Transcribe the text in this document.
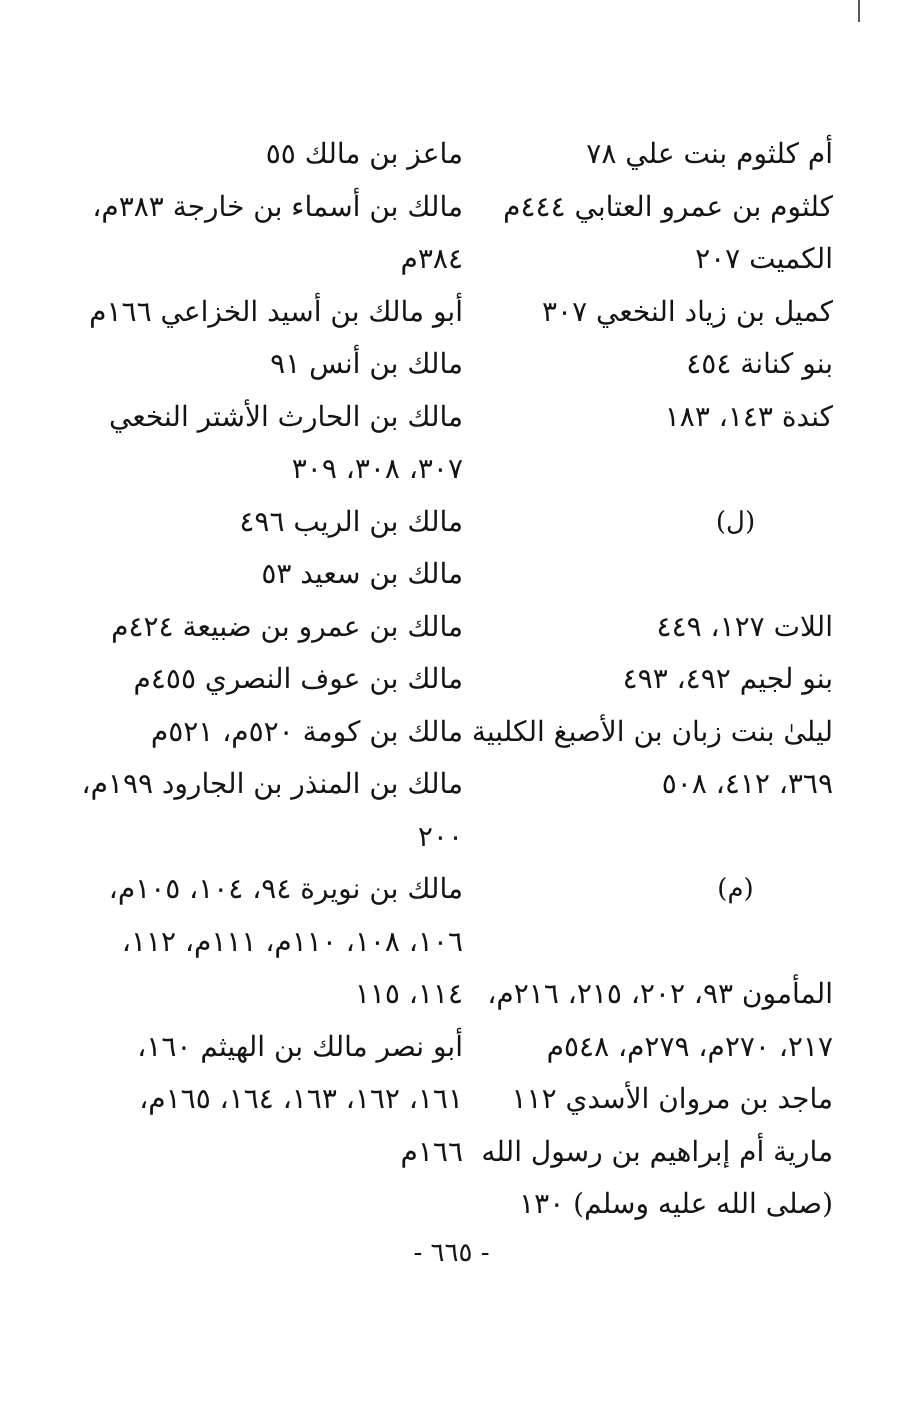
أم كلثوم بنت علي ٧٨
كلثوم بن عمرو العتابي ٤٤٤م
الكميت ٢٠٧
كميل بن زياد النخعي ٣٠٧
بنو كنانة ٤٥٤
كندة ١٤٣، ١٨٣
(ل)
اللات ١٢٧، ٤٤٩
بنو لجيم ٤٩٢، ٤٩٣
ليلىٰ بنت زبان بن الأصبغ الكلبية
٣٦٩، ٤١٢، ٥٠٨
(م)
المأمون ٩٣، ٢٠٢، ٢١٥، ٢١٦م،
٢١٧، ٢٧٠م، ٢٧٩م، ٥٤٨م
ماجد بن مروان الأسدي ١١٢
مارية أم إبراهيم بن رسول الله
(صلى الله عليه وسلم) ١٣٠
ماعز بن مالك ٥٥
مالك بن أسماء بن خارجة ٣٨٣م،
٣٨٤م
أبو مالك بن أسيد الخزاعي ١٦٦م
مالك بن أنس ٩١
مالك بن الحارث الأشتر النخعي
٣٠٧، ٣٠٨، ٣٠٩
مالك بن الريب ٤٩٦
مالك بن سعيد ٥٣
مالك بن عمرو بن ضبيعة ٤٢٤م
مالك بن عوف النصري ٤٥٥م
مالك بن كومة ٥٢٠م، ٥٢١م
مالك بن المنذر بن الجارود ١٩٩م،
٢٠٠
مالك بن نويرة ٩٤، ١٠٤، ١٠٥م،
١٠٦، ١٠٨، ١١٠م، ١١١م، ١١٢،
١١٤، ١١٥
أبو نصر مالك بن الهيثم ١٦٠،
١٦١، ١٦٢، ١٦٣، ١٦٤، ١٦٥م،
١٦٦م
- ٦٦٥ -
